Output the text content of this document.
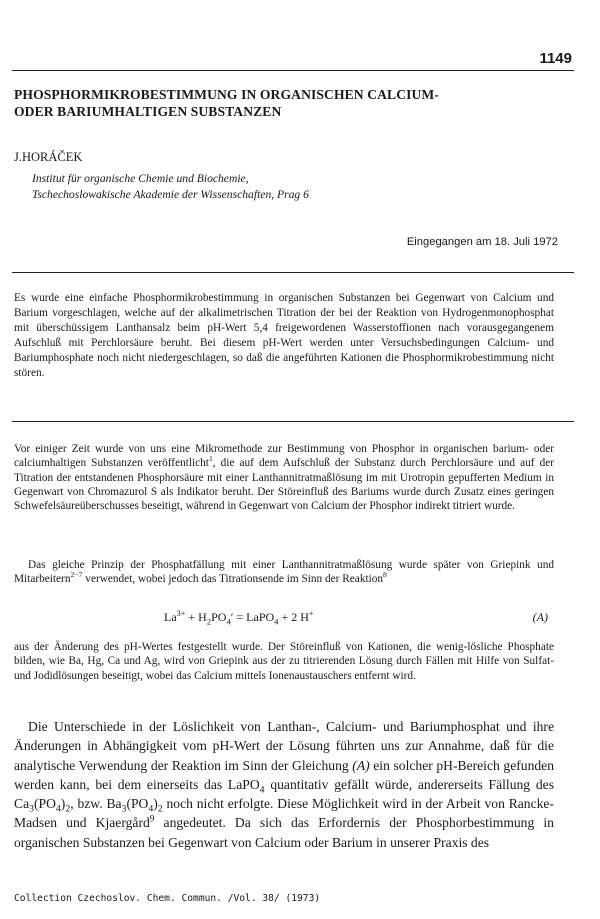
1149
PHOSPHORMIKROBESTIMMUNG IN ORGANISCHEN CALCIUM-
ODER BARIUMHALTIGEN SUBSTANZEN
J.HORÁČEK
Institut für organische Chemie und Biochemie,
Tschechoslowakische Akademie der Wissenschaften, Prag 6
Eingegangen am 18. Juli 1972
Es wurde eine einfache Phosphormikrobestimmung in organischen Substanzen bei Gegenwart von Calcium und Barium vorgeschlagen, welche auf der alkalimetrischen Titration der bei der Reaktion von Hydrogenmonophosphat mit überschüssigem Lanthansalz beim pH-Wert 5,4 freigewordenen Wasserstoffionen nach vorausgegangenem Aufschluß mit Perchlorsäure beruht. Bei diesem pH-Wert werden unter Versuchsbedingungen Calcium- und Bariumphosphate noch nicht niedergeschlagen, so daß die angeführten Kationen die Phosphormikrobestimmung nicht stören.
Vor einiger Zeit wurde von uns eine Mikromethode zur Bestimmung von Phosphor in organischen barium- oder calciumhaltigen Substanzen veröffentlicht$^1$, die auf dem Aufschluß der Substanz durch Perchlorsäure und auf der Titration der entstandenen Phosphorsäure mit einer Lanthannitratmaßlösung im mit Urotropin gepufferten Medium in Gegenwart von Chromazurol S als Indikator beruht. Der Störeinfluß des Bariums wurde durch Zusatz eines geringen Schwefelsäureüberschusses beseitigt, während in Gegenwart von Calcium der Phosphor indirekt titriert wurde.
Das gleiche Prinzip der Phosphatfällung mit einer Lanthannitratmaßlösung wurde später von Griepink und Mitarbeitern$^{2-7}$ verwendet, wobei jedoch das Titrationsende im Sinn der Reaktion$^8$
$La^{3+} + H_2PO_4'$ = LaPO$_4$ + 2 H+	(A)
aus der Änderung des pH-Wertes festgestellt wurde. Der Störeinfluß von Kationen, die wenig-lösliche Phosphate bilden, wie Ba, Hg, Ca und Ag, wird von Griepink aus der zu titrierenden Lösung durch Fällen mit Hilfe von Sulfat- und Jodidlösungen beseitigt, wobei das Calcium mittels Ionenaustauschers entfernt wird.
Die Unterschiede in der Löslichkeit von Lanthan-, Calcium- und Bariumphosphat und ihre Änderungen in Abhängigkeit vom pH-Wert der Lösung führten uns zur Annahme, daß für die analytische Verwendung der Reaktion im Sinn der Gleichung (A) ein solcher pH-Bereich gefunden werden kann, bei dem einerseits das LaPO$_4$ quantitativ gefällt würde, andererseits Fällung des $Ca_3(PO_4)_2$, bzw. $Ba_3(PO_4)_2$ noch nicht erfolgte. Diese Möglichkeit wird in der Arbeit von Rancke-Madsen und Kjaergård$^9$ angedeutet. Da sich das Erfordernis der Phosphorbestimmung in organischen Substanzen bei Gegenwart von Calcium oder Barium in unserer Praxis des
Collection Czechoslov. Chem. Commun. /Vol. 38/ (1973)
